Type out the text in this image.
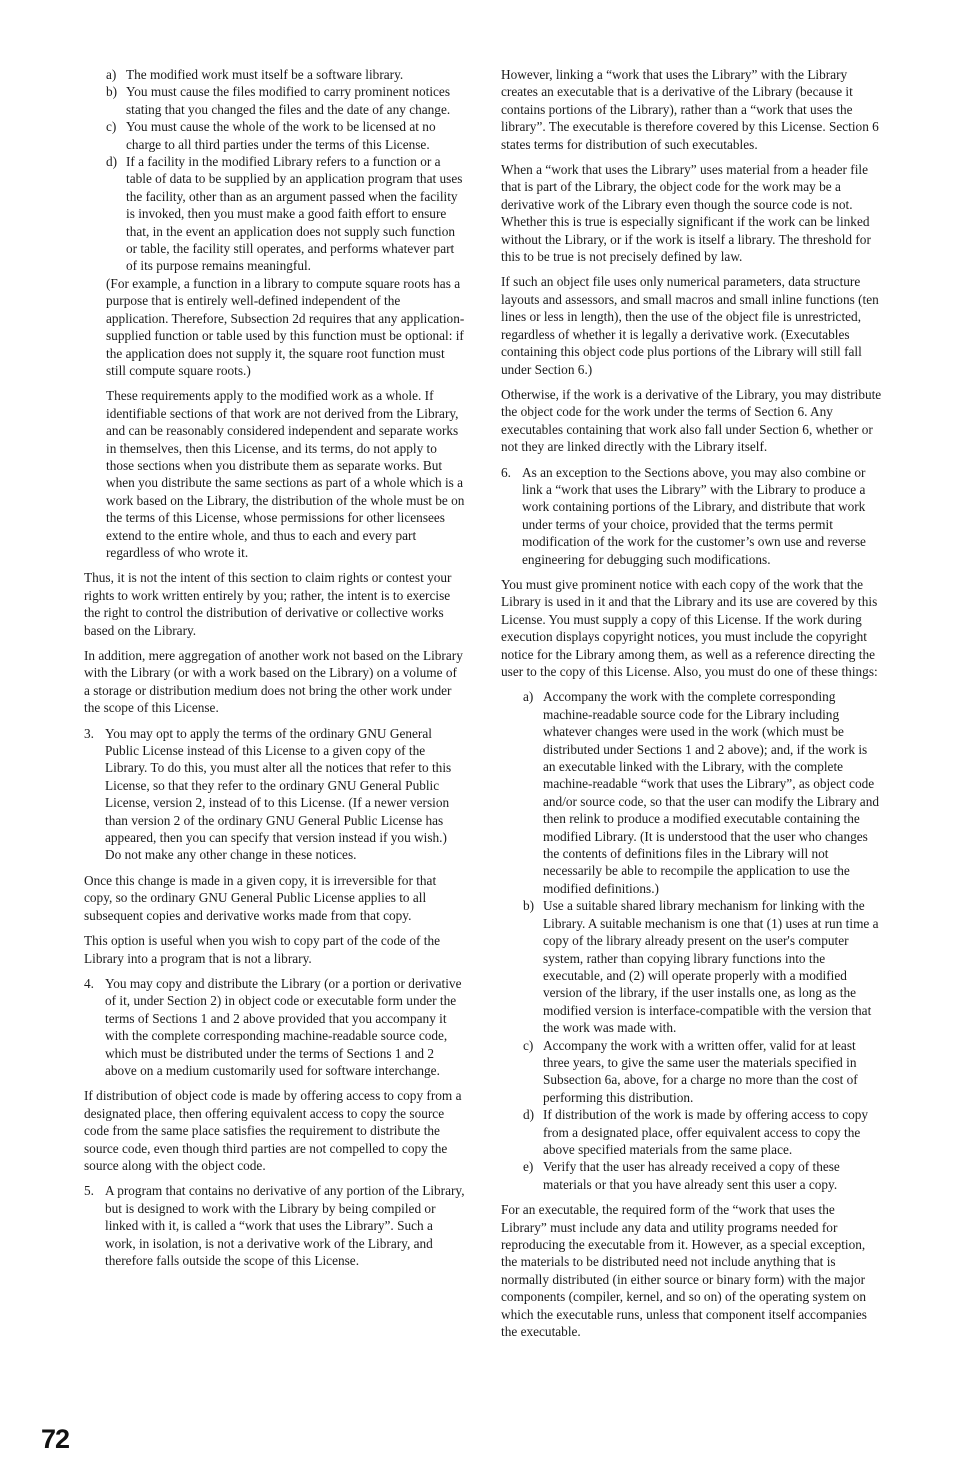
a) The modified work must itself be a software library.
b) You must cause the files modified to carry prominent notices stating that you changed the files and the date of any change.
c) You must cause the whole of the work to be licensed at no charge to all third parties under the terms of this License.
d) If a facility in the modified Library refers to a function or a table of data to be supplied by an application program that uses the facility, other than as an argument passed when the facility is invoked, then you must make a good faith effort to ensure that, in the event an application does not supply such function or table, the facility still operates, and performs whatever part of its purpose remains meaningful.

(For example, a function in a library to compute square roots has a purpose that is entirely well-defined independent of the application. Therefore, Subsection 2d requires that any application-supplied function or table used by this function must be optional: if the application does not supply it, the square root function must still compute square roots.)

These requirements apply to the modified work as a whole. If identifiable sections of that work are not derived from the Library, and can be reasonably considered independent and separate works in themselves, then this License, and its terms, do not apply to those sections when you distribute them as separate works. But when you distribute the same sections as part of a whole which is a work based on the Library, the distribution of the whole must be on the terms of this License, whose permissions for other licensees extend to the entire whole, and thus to each and every part regardless of who wrote it.

Thus, it is not the intent of this section to claim rights or contest your rights to work written entirely by you; rather, the intent is to exercise the right to control the distribution of derivative or collective works based on the Library.

In addition, mere aggregation of another work not based on the Library with the Library (or with a work based on the Library) on a volume of a storage or distribution medium does not bring the other work under the scope of this License.

3. You may opt to apply the terms of the ordinary GNU General Public License instead of this License to a given copy of the Library. To do this, you must alter all the notices that refer to this License, so that they refer to the ordinary GNU General Public License, version 2, instead of to this License. (If a newer version than version 2 of the ordinary GNU General Public License has appeared, then you can specify that version instead if you wish.) Do not make any other change in these notices.

Once this change is made in a given copy, it is irreversible for that copy, so the ordinary GNU General Public License applies to all subsequent copies and derivative works made from that copy.

This option is useful when you wish to copy part of the code of the Library into a program that is not a library.

4. You may copy and distribute the Library (or a portion or derivative of it, under Section 2) in object code or executable form under the terms of Sections 1 and 2 above provided that you accompany it with the complete corresponding machine-readable source code, which must be distributed under the terms of Sections 1 and 2 above on a medium customarily used for software interchange.

If distribution of object code is made by offering access to copy from a designated place, then offering equivalent access to copy the source code from the same place satisfies the requirement to distribute the source code, even though third parties are not compelled to copy the source along with the object code.

5. A program that contains no derivative of any portion of the Library, but is designed to work with the Library by being compiled or linked with it, is called a “work that uses the Library”. Such a work, in isolation, is not a derivative work of the Library, and therefore falls outside the scope of this License.

However, linking a “work that uses the Library” with the Library creates an executable that is a derivative of the Library (because it contains portions of the Library), rather than a “work that uses the library”. The executable is therefore covered by this License. Section 6 states terms for distribution of such executables.

When a “work that uses the Library” uses material from a header file that is part of the Library, the object code for the work may be a derivative work of the Library even though the source code is not. Whether this is true is especially significant if the work can be linked without the Library, or if the work is itself a library. The threshold for this to be true is not precisely defined by law.

If such an object file uses only numerical parameters, data structure layouts and assessors, and small macros and small inline functions (ten lines or less in length), then the use of the object file is unrestricted, regardless of whether it is legally a derivative work. (Executables containing this object code plus portions of the Library will still fall under Section 6.)

Otherwise, if the work is a derivative of the Library, you may distribute the object code for the work under the terms of Section 6. Any executables containing that work also fall under Section 6, whether or not they are linked directly with the Library itself.

6. As an exception to the Sections above, you may also combine or link a “work that uses the Library” with the Library to produce a work containing portions of the Library, and distribute that work under terms of your choice, provided that the terms permit modification of the work for the customer’s own use and reverse engineering for debugging such modifications.

You must give prominent notice with each copy of the work that the Library is used in it and that the Library and its use are covered by this License. You must supply a copy of this License. If the work during execution displays copyright notices, you must include the copyright notice for the Library among them, as well as a reference directing the user to the copy of this License. Also, you must do one of these things:

a) Accompany the work with the complete corresponding machine-readable source code for the Library including whatever changes were used in the work (which must be distributed under Sections 1 and 2 above); and, if the work is an executable linked with the Library, with the complete machine-readable “work that uses the Library”, as object code and/or source code, so that the user can modify the Library and then relink to produce a modified executable containing the modified Library. (It is understood that the user who changes the contents of definitions files in the Library will not necessarily be able to recompile the application to use the modified definitions.)
b) Use a suitable shared library mechanism for linking with the Library. A suitable mechanism is one that (1) uses at run time a copy of the library already present on the user's computer system, rather than copying library functions into the executable, and (2) will operate properly with a modified version of the library, if the user installs one, as long as the modified version is interface-compatible with the version that the work was made with.
c) Accompany the work with a written offer, valid for at least three years, to give the same user the materials specified in Subsection 6a, above, for a charge no more than the cost of performing this distribution.
d) If distribution of the work is made by offering access to copy from a designated place, offer equivalent access to copy the above specified materials from the same place.
e) Verify that the user has already received a copy of these materials or that you have already sent this user a copy.

For an executable, the required form of the “work that uses the Library” must include any data and utility programs needed for reproducing the executable from it. However, as a special exception, the materials to be distributed need not include anything that is normally distributed (in either source or binary form) with the major components (compiler, kernel, and so on) of the operating system on which the executable runs, unless that component itself accompanies the executable.

72
